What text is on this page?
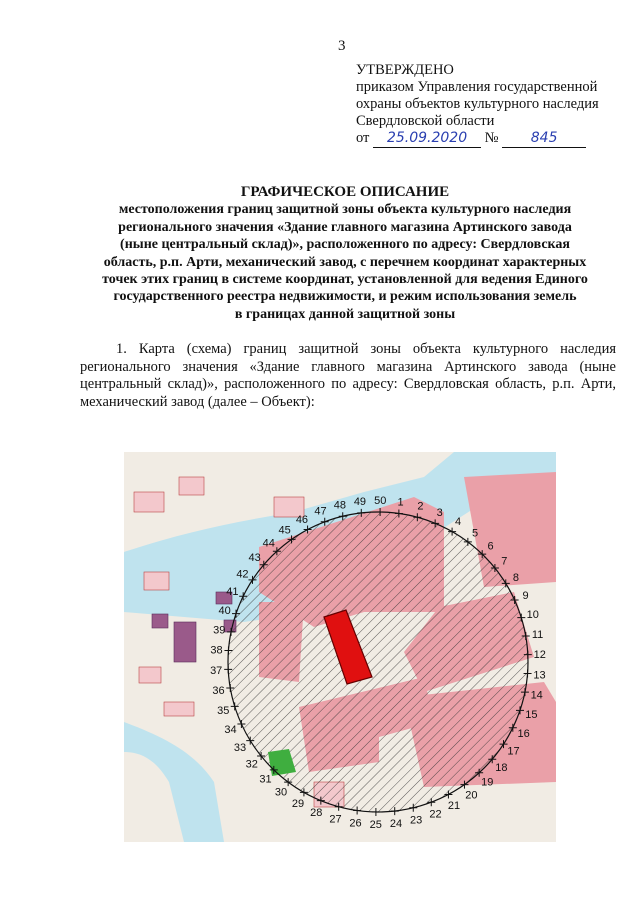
3
УТВЕРЖДЕНО
приказом Управления государственной
охраны объектов культурного наследия
Свердловской области
от 25.09.2020 № 845
ГРАФИЧЕСКОЕ ОПИСАНИЕ
местоположения границ защитной зоны объекта культурного наследия
регионального значения «Здание главного магазина Артинского завода
(ныне центральный склад)», расположенного по адресу: Свердловская
область, р.п. Арти, механический завод, с перечнем координат характерных
точек этих границ в системе координат, установленной для ведения Единого
государственного реестра недвижимости, и режим использования земель
в границах данной защитной зоны
1. Карта (схема) границ защитной зоны объекта культурного наследия регионального значения «Здание главного магазина Артинского завода (ныне центральный склад)», расположенного по адресу: Свердловская область, р.п. Арти, механический завод (далее – Объект):
1 2
3
4
5
6
7
8
9
10
11
12
13
14
15
16
17
18
19
20
21
22
23
24
25
26
27
28
29
30
31
32
33
34
35
36
37
38
39
40
41
42
43
44
45
46
47
48 49 50
